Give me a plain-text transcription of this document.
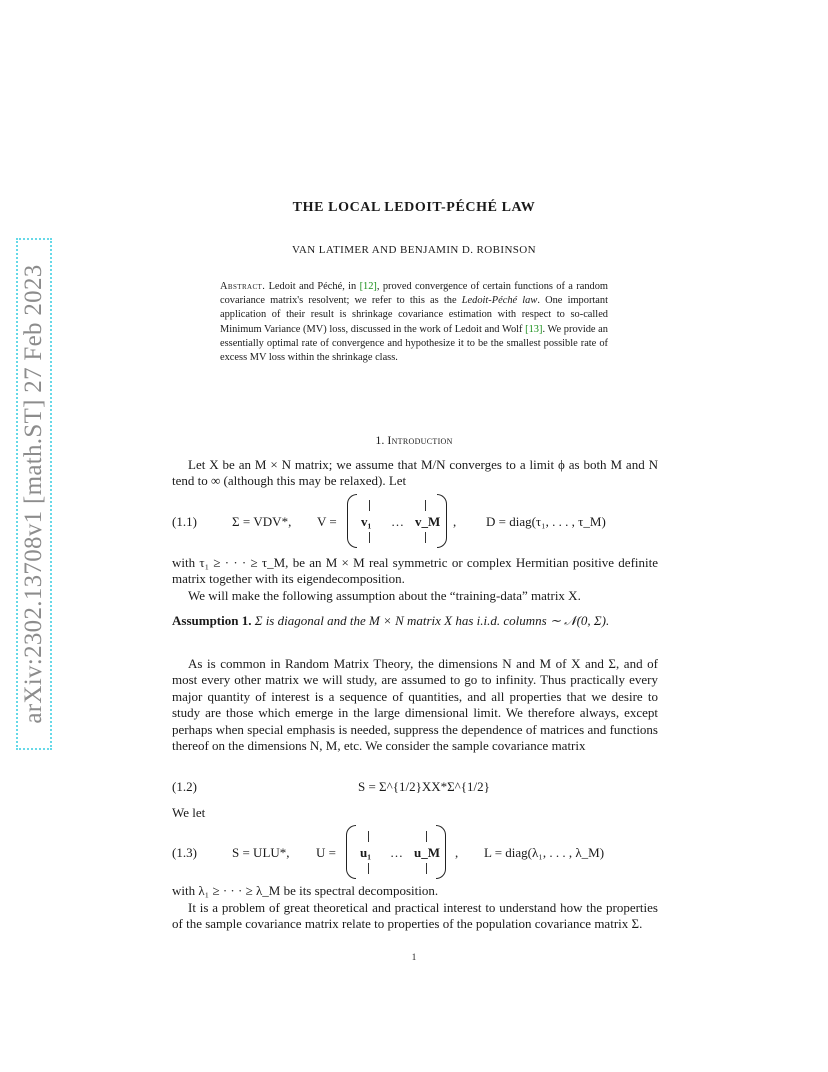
arXiv:2302.13708v1 [math.ST] 27 Feb 2023
THE LOCAL LEDOIT-PÉCHÉ LAW
VAN LATIMER AND BENJAMIN D. ROBINSON
Abstract. Ledoit and Péché, in [12], proved convergence of certain functions of a random covariance matrix's resolvent; we refer to this as the Ledoit-Péché law. One important application of their result is shrinkage covariance estimation with respect to so-called Minimum Variance (MV) loss, discussed in the work of Ledoit and Wolf [13]. We provide an essentially optimal rate of convergence and hypothesize it to be the smallest possible rate of excess MV loss within the shrinkage class.
1. Introduction
Let X be an M × N matrix; we assume that M/N converges to a limit ϕ as both M and N tend to ∞ (although this may be relaxed). Let
(1.1)	Σ = VDV*, V = v₁ … v_M , D = diag(τ₁, . . . , τ_M)
with τ₁ ≥ · · · ≥ τ_M, be an M × M real symmetric or complex Hermitian positive definite matrix together with its eigendecomposition.
We will make the following assumption about the “training-data” matrix X.
Assumption 1. Σ is diagonal and the M × N matrix X has i.i.d. columns ∼ 𝒩(0, Σ).
As is common in Random Matrix Theory, the dimensions N and M of X and Σ, and of most every other matrix we will study, are assumed to go to infinity. Thus practically every major quantity of interest is a sequence of quantities, and all properties that we desire to study are those which emerge in the large dimensional limit. We therefore always, except perhaps when special emphasis is needed, suppress the dependence of matrices and functions thereof on the dimensions N, M, etc. We consider the sample covariance matrix
(1.2)	S = Σ^{1/2}XX*Σ^{1/2}
We let
(1.3)	S = ULU*, U = u₁ … u_M , L = diag(λ₁, . . . , λ_M)
with λ₁ ≥ · · · ≥ λ_M be its spectral decomposition.
It is a problem of great theoretical and practical interest to understand how the properties of the sample covariance matrix relate to properties of the population covariance matrix Σ.
1
